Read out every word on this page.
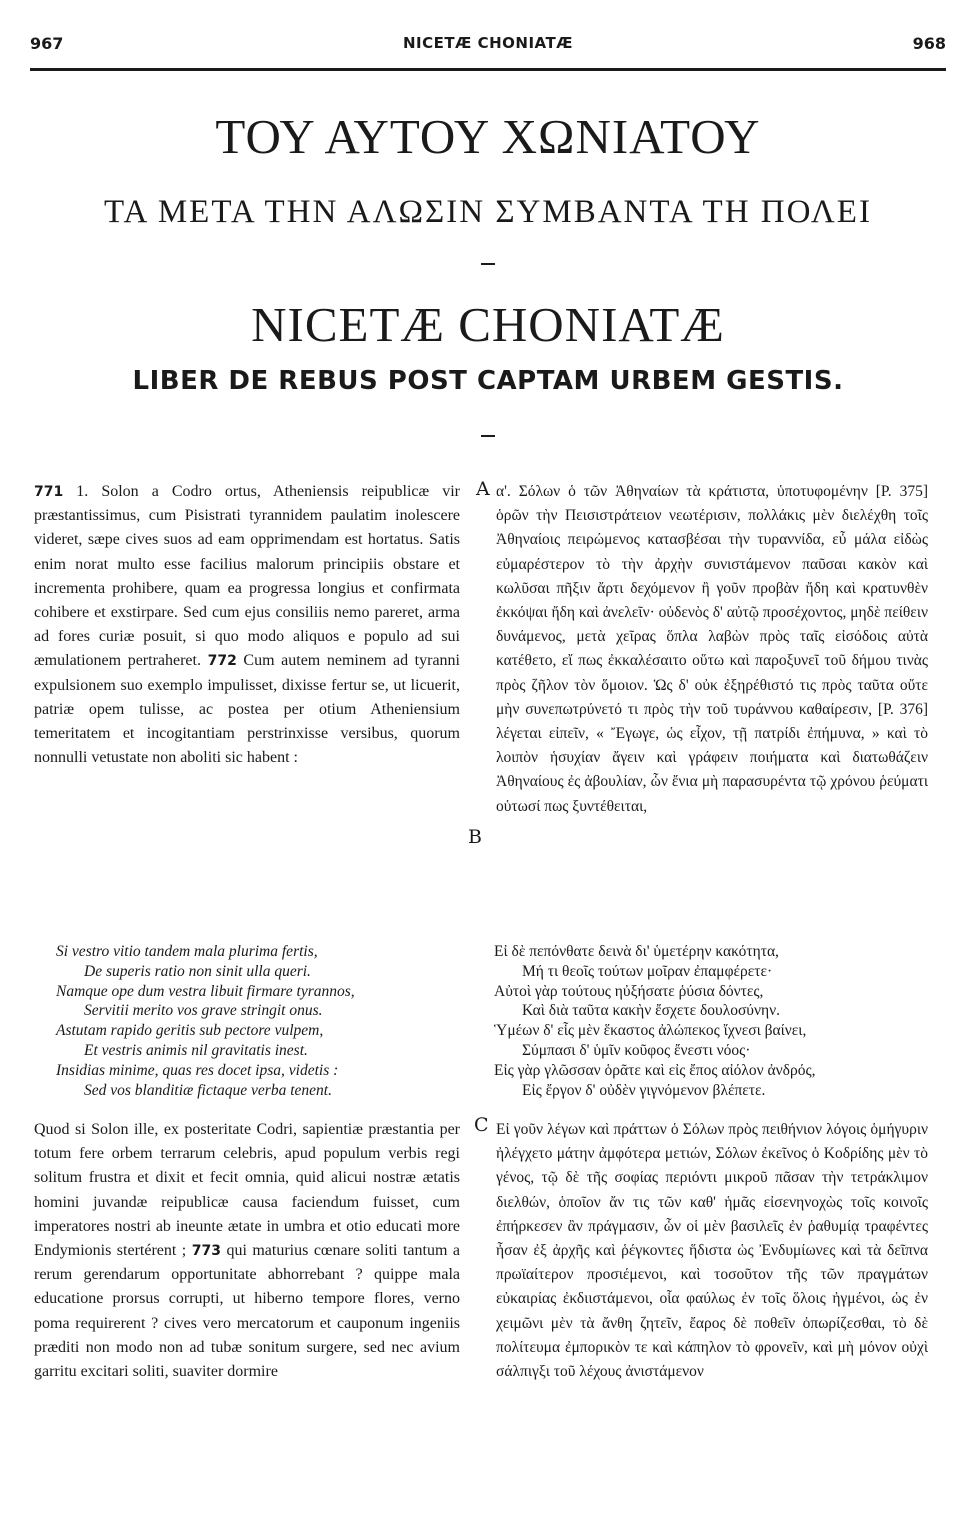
967	NICETÆ CHONIATÆ	968
ΤΟΥ ΑΥΤΟΥ ΧΩΝΙΑΤΟΥ
ΤΑ ΜΕΤΑ ΤΗΝ ΑΛΩΣΙΝ ΣΥΜΒΑΝΤΑ ΤΗ ΠΟΛΕΙ
NICETÆ CHONIATÆ
LIBER DE REBUS POST CAPTAM URBEM GESTIS.
A
B
C
771 1. Solon a Codro ortus, Atheniensis reipublicæ vir præstantissimus, cum Pisistrati tyrannidem paulatim inolescere videret, sæpe cives suos ad eam opprimendam est hortatus. Satis enim norat multo esse facilius malorum principiis obstare et incrementa prohibere, quam ea progressa longius et confirmata cohibere et exstirpare. Sed cum ejus consiliis nemo pareret, arma ad fores curiæ posuit, si quo modo aliquos e populo ad sui æmulationem pertraheret. 772 Cum autem neminem ad tyranni expulsionem suo exemplo impulisset, dixisse fertur se, ut licuerit, patriæ opem tulisse, ac postea per otium Atheniensium temeritatem et incogitantiam perstrinxisse versibus, quorum nonnulli vetustate non aboliti sic habent :
α'. Σόλων ὁ τῶν Ἀθηναίων τὰ κράτιστα, ὑποτυφομένην [P. 375] ὁρῶν τὴν Πεισιστράτειον νεωτέρισιν, πολλάκις μὲν διελέχθη τοῖς Ἀθηναίοις πειρώμενος κατασβέσαι τὴν τυραννίδα, εὖ μάλα εἰδὼς εὐμαρέστερον τὸ τὴν ἀρχὴν συνιστάμενον παῦσαι κακὸν καὶ κωλῦσαι πῆξιν ἄρτι δεχόμενον ἢ γοῦν προβὰν ἤδη καὶ κρατυνθὲν ἐκκόψαι ἤδη καὶ ἀνελεῖν· οὐδενὸς δ' αὐτῷ προσέχοντος, μηδὲ πείθειν δυνάμενος, μετὰ χεῖρας ὅπλα λαβὼν πρὸς ταῖς εἰσόδοις αὐτὰ κατέθετο, εἴ πως ἐκκαλέσαιτο οὕτω καὶ παροξυνεῖ τοῦ δήμου τινὰς πρὸς ζῆλον τὸν ὅμοιον. Ὡς δ' οὐκ ἐξηρέθιστό τις πρὸς ταῦτα οὔτε μὴν συνεπωτρύνετό τι πρὸς τὴν τοῦ τυράννου καθαίρεσιν, [P. 376] λέγεται εἰπεῖν, « Ἔγωγε, ὡς εἶχον, τῇ πατρίδι ἐπήμυνα, » καὶ τὸ λοιπὸν ἡσυχίαν ἄγειν καὶ γράφειν ποιήματα καὶ διατωθάζειν Ἀθηναίους ἐς ἀβουλίαν, ὧν ἔνια μὴ παρασυρέντα τῷ χρόνου ῥεύματι οὑτωσί πως ξυντέθειται,
Si vestro vitio tandem mala plurima fertis,
De superis ratio non sinit ulla queri.
Namque ope dum vestra libuit firmare tyrannos,
Servitii merito vos grave stringit onus.
Astutam rapido geritis sub pectore vulpem,
Et vestris animis nil gravitatis inest.
Insidias minime, quas res docet ipsa, videtis :
Sed vos blanditiæ fictaque verba tenent.
Εἰ δὲ πεπόνθατε δεινὰ δι' ὑμετέρην κακότητα,
Μή τι θεοῖς τούτων μοῖραν ἐπαμφέρετε·
Αὐτοὶ γὰρ τούτους ηὐξήσατε ῥύσια δόντες,
Καὶ διὰ ταῦτα κακὴν ἔσχετε δουλοσύνην.
Ὑμέων δ' εἷς μὲν ἕκαστος ἀλώπεκος ἴχνεσι βαίνει,
Σύμπασι δ' ὑμῖν κοῦφος ἔνεστι νόος·
Εἰς γὰρ γλῶσσαν ὁρᾶτε καὶ εἰς ἔπος αἰόλον ἀνδρός,
Εἰς ἔργον δ' οὐδὲν γιγνόμενον βλέπετε.
Quod si Solon ille, ex posteritate Codri, sapientiæ præstantia per totum fere orbem terrarum celebris, apud populum verbis regi solitum frustra et dixit et fecit omnia, quid alicui nostræ ætatis homini juvandæ reipublicæ causa faciendum fuisset, cum imperatores nostri ab ineunte ætate in umbra et otio educati more Endymionis stertérent ; 773 qui maturius cœnare soliti tantum a rerum gerendarum opportunitate abhorrebant ? quippe mala educatione prorsus corrupti, ut hiberno tempore flores, verno poma requirerent ? cives vero mercatorum et cauponum ingeniis præditi non modo non ad tubæ sonitum surgere, sed nec avium garritu excitari soliti, suaviter dormire
Εἰ γοῦν λέγων καὶ πράττων ὁ Σόλων πρὸς πειθήνιον λόγοις ὁμήγυριν ἠλέγχετο μάτην ἀμφότερα μετιών, Σόλων ἐκεῖνος ὁ Κοδρίδης μὲν τὸ γένος, τῷ δὲ τῆς σοφίας περιόντι μικροῦ πᾶσαν τὴν τετράκλιμον διελθών, ὁποῖον ἄν τις τῶν καθ' ἡμᾶς εἰσενηνοχὼς τοῖς κοινοῖς ἐπήρκεσεν ἂν πράγμασιν, ὧν οἱ μὲν βασιλεῖς ἐν ῥαθυμίᾳ τραφέντες ἦσαν ἐξ ἀρχῆς καὶ ῥέγκοντες ἥδιστα ὡς Ἐνδυμίωνες καὶ τὰ δεῖπνα πρωϊαίτερον προσιέμενοι, καὶ τοσοῦτον τῆς τῶν πραγμάτων εὐκαιρίας ἐκδιιστάμενοι, οἷα φαύλως ἐν τοῖς ὅλοις ἠγμένοι, ὡς ἐν χειμῶνι μὲν τὰ ἄνθη ζητεῖν, ἔαρος δὲ ποθεῖν ὀπωρίζεσθαι, τὸ δὲ πολίτευμα ἐμπορικὸν τε καὶ κάπηλον τὸ φρονεῖν, καὶ μὴ μόνον οὐχὶ σάλπιγξι τοῦ λέχους ἀνιστάμενον
